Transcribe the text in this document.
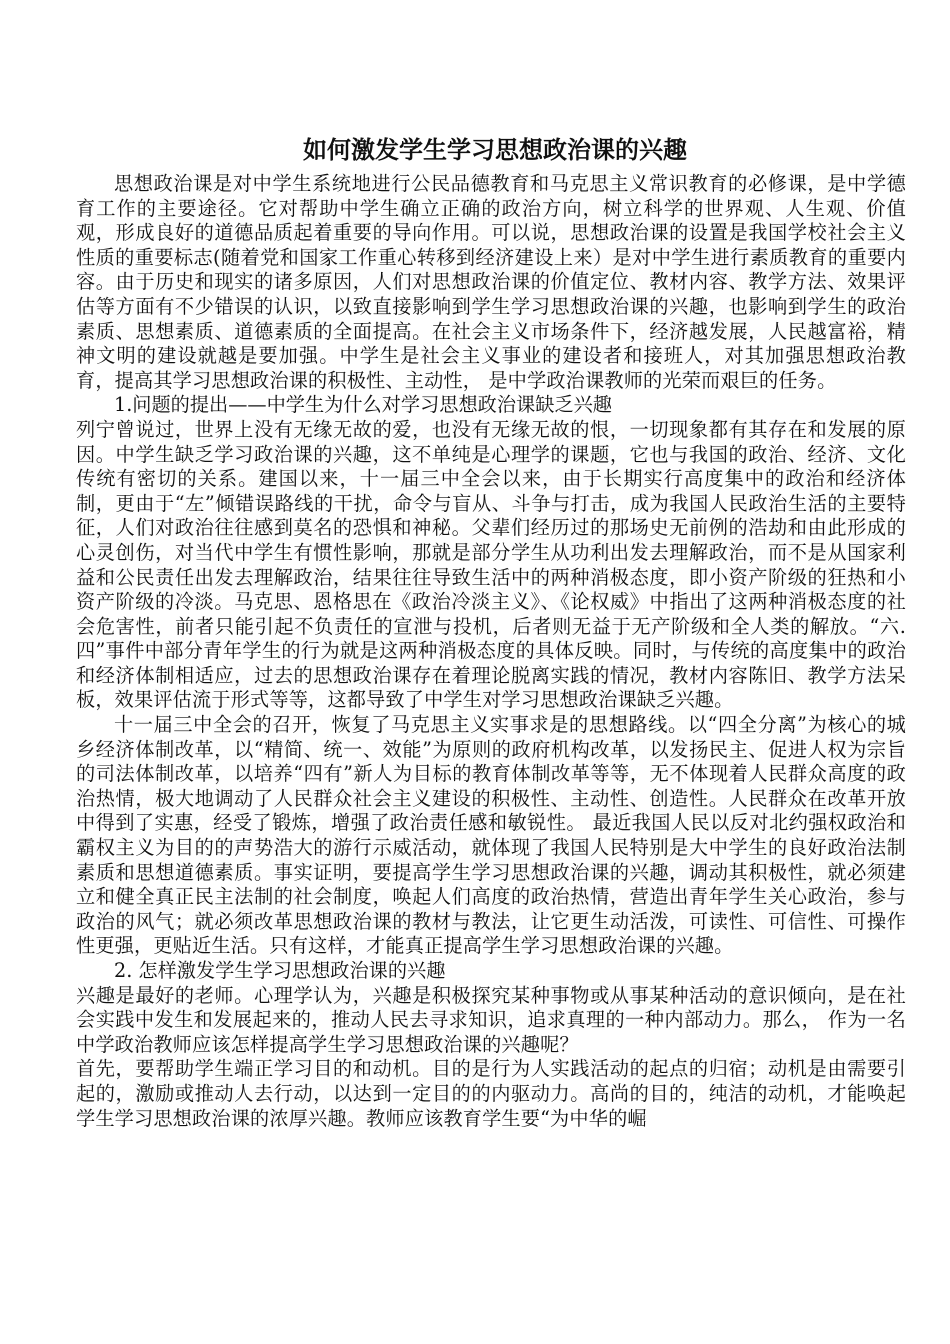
如何激发学生学习思想政治课的兴趣

思想政治课是对中学生系统地进行公民品德教育和马克思主义常识教育的必修课，是中学德育工作的主要途径。它对帮助中学生确立正确的政治方向，树立科学的世界观、人生观、价值观，形成良好的道德品质起着重要的导向作用。可以说，思想政治课的设置是我国学校社会主义性质的重要标志(随着党和国家工作重心转移到经济建设上来）是对中学生进行素质教育的重要内容。由于历史和现实的诸多原因，人们对思想政治课的价值定位、教材内容、教学方法、效果评估等方面有不少错误的认识，以致直接影响到学生学习思想政治课的兴趣，也影响到学生的政治素质、思想素质、道德素质的全面提高。在社会主义市场条件下，经济越发展，人民越富裕，精神文明的建设就越是要加强。中学生是社会主义事业的建设者和接班人，对其加强思想政治教育，提高其学习思想政治课的积极性、主动性， 是中学政治课教师的光荣而艰巨的任务。

1.问题的提出——中学生为什么对学习思想政治课缺乏兴趣

列宁曾说过，世界上没有无缘无故的爱，也没有无缘无故的恨，一切现象都有其存在和发展的原因。中学生缺乏学习政治课的兴趣，这不单纯是心理学的课题，它也与我国的政治、经济、文化传统有密切的关系。建国以来，十一届三中全会以来，由于长期实行高度集中的政治和经济体制，更由于“左”倾错误路线的干扰，命令与盲从、斗争与打击，成为我国人民政治生活的主要特征，人们对政治往往感到莫名的恐惧和神秘。父辈们经历过的那场史无前例的浩劫和由此形成的心灵创伤，对当代中学生有惯性影响，那就是部分学生从功利出发去理解政治，而不是从国家利益和公民责任出发去理解政治，结果往往导致生活中的两种消极态度，即小资产阶级的狂热和小资产阶级的冷淡。马克思、恩格思在《政治冷淡主义》、《论权威》中指出了这两种消极态度的社会危害性，前者只能引起不负责任的宣泄与投机，后者则无益于无产阶级和全人类的解放。“六.四”事件中部分青年学生的行为就是这两种消极态度的具体反映。同时，与传统的高度集中的政治和经济体制相适应，过去的思想政治课存在着理论脱离实践的情况，教材内容陈旧、教学方法呆板，效果评估流于形式等等，这都导致了中学生对学习思想政治课缺乏兴趣。

十一届三中全会的召开，恢复了马克思主义实事求是的思想路线。以“四全分离”为核心的城乡经济体制改革，以“精简、统一、效能”为原则的政府机构改革，以发扬民主、促进人权为宗旨的司法体制改革，以培养“四有”新人为目标的教育体制改革等等，无不体现着人民群众高度的政治热情，极大地调动了人民群众社会主义建设的积极性、主动性、创造性。人民群众在改革开放中得到了实惠，经受了锻炼，增强了政治责任感和敏锐性。 最近我国人民以反对北约强权政治和霸权主义为目的的声势浩大的游行示威活动，就体现了我国人民特别是大中学生的良好政治法制素质和思想道德素质。事实证明，要提高学生学习思想政治课的兴趣，调动其积极性，就必须建立和健全真正民主法制的社会制度，唤起人们高度的政治热情，营造出青年学生关心政治，参与政治的风气；就必须改革思想政治课的教材与教法，让它更生动活泼，可读性、可信性、可操作性更强，更贴近生活。只有这样，才能真正提高学生学习思想政治课的兴趣。

2. 怎样激发学生学习思想政治课的兴趣

兴趣是最好的老师。心理学认为，兴趣是积极探究某种事物或从事某种活动的意识倾向，是在社会实践中发生和发展起来的，推动人民去寻求知识，追求真理的一种内部动力。那么， 作为一名中学政治教师应该怎样提高学生学习思想政治课的兴趣呢？

首先，要帮助学生端正学习目的和动机。目的是行为人实践活动的起点的归宿；动机是由需要引起的，激励或推动人去行动，以达到一定目的的内驱动力。高尚的目的，纯洁的动机，才能唤起学生学习思想政治课的浓厚兴趣。教师应该教育学生要“为中华的崛
